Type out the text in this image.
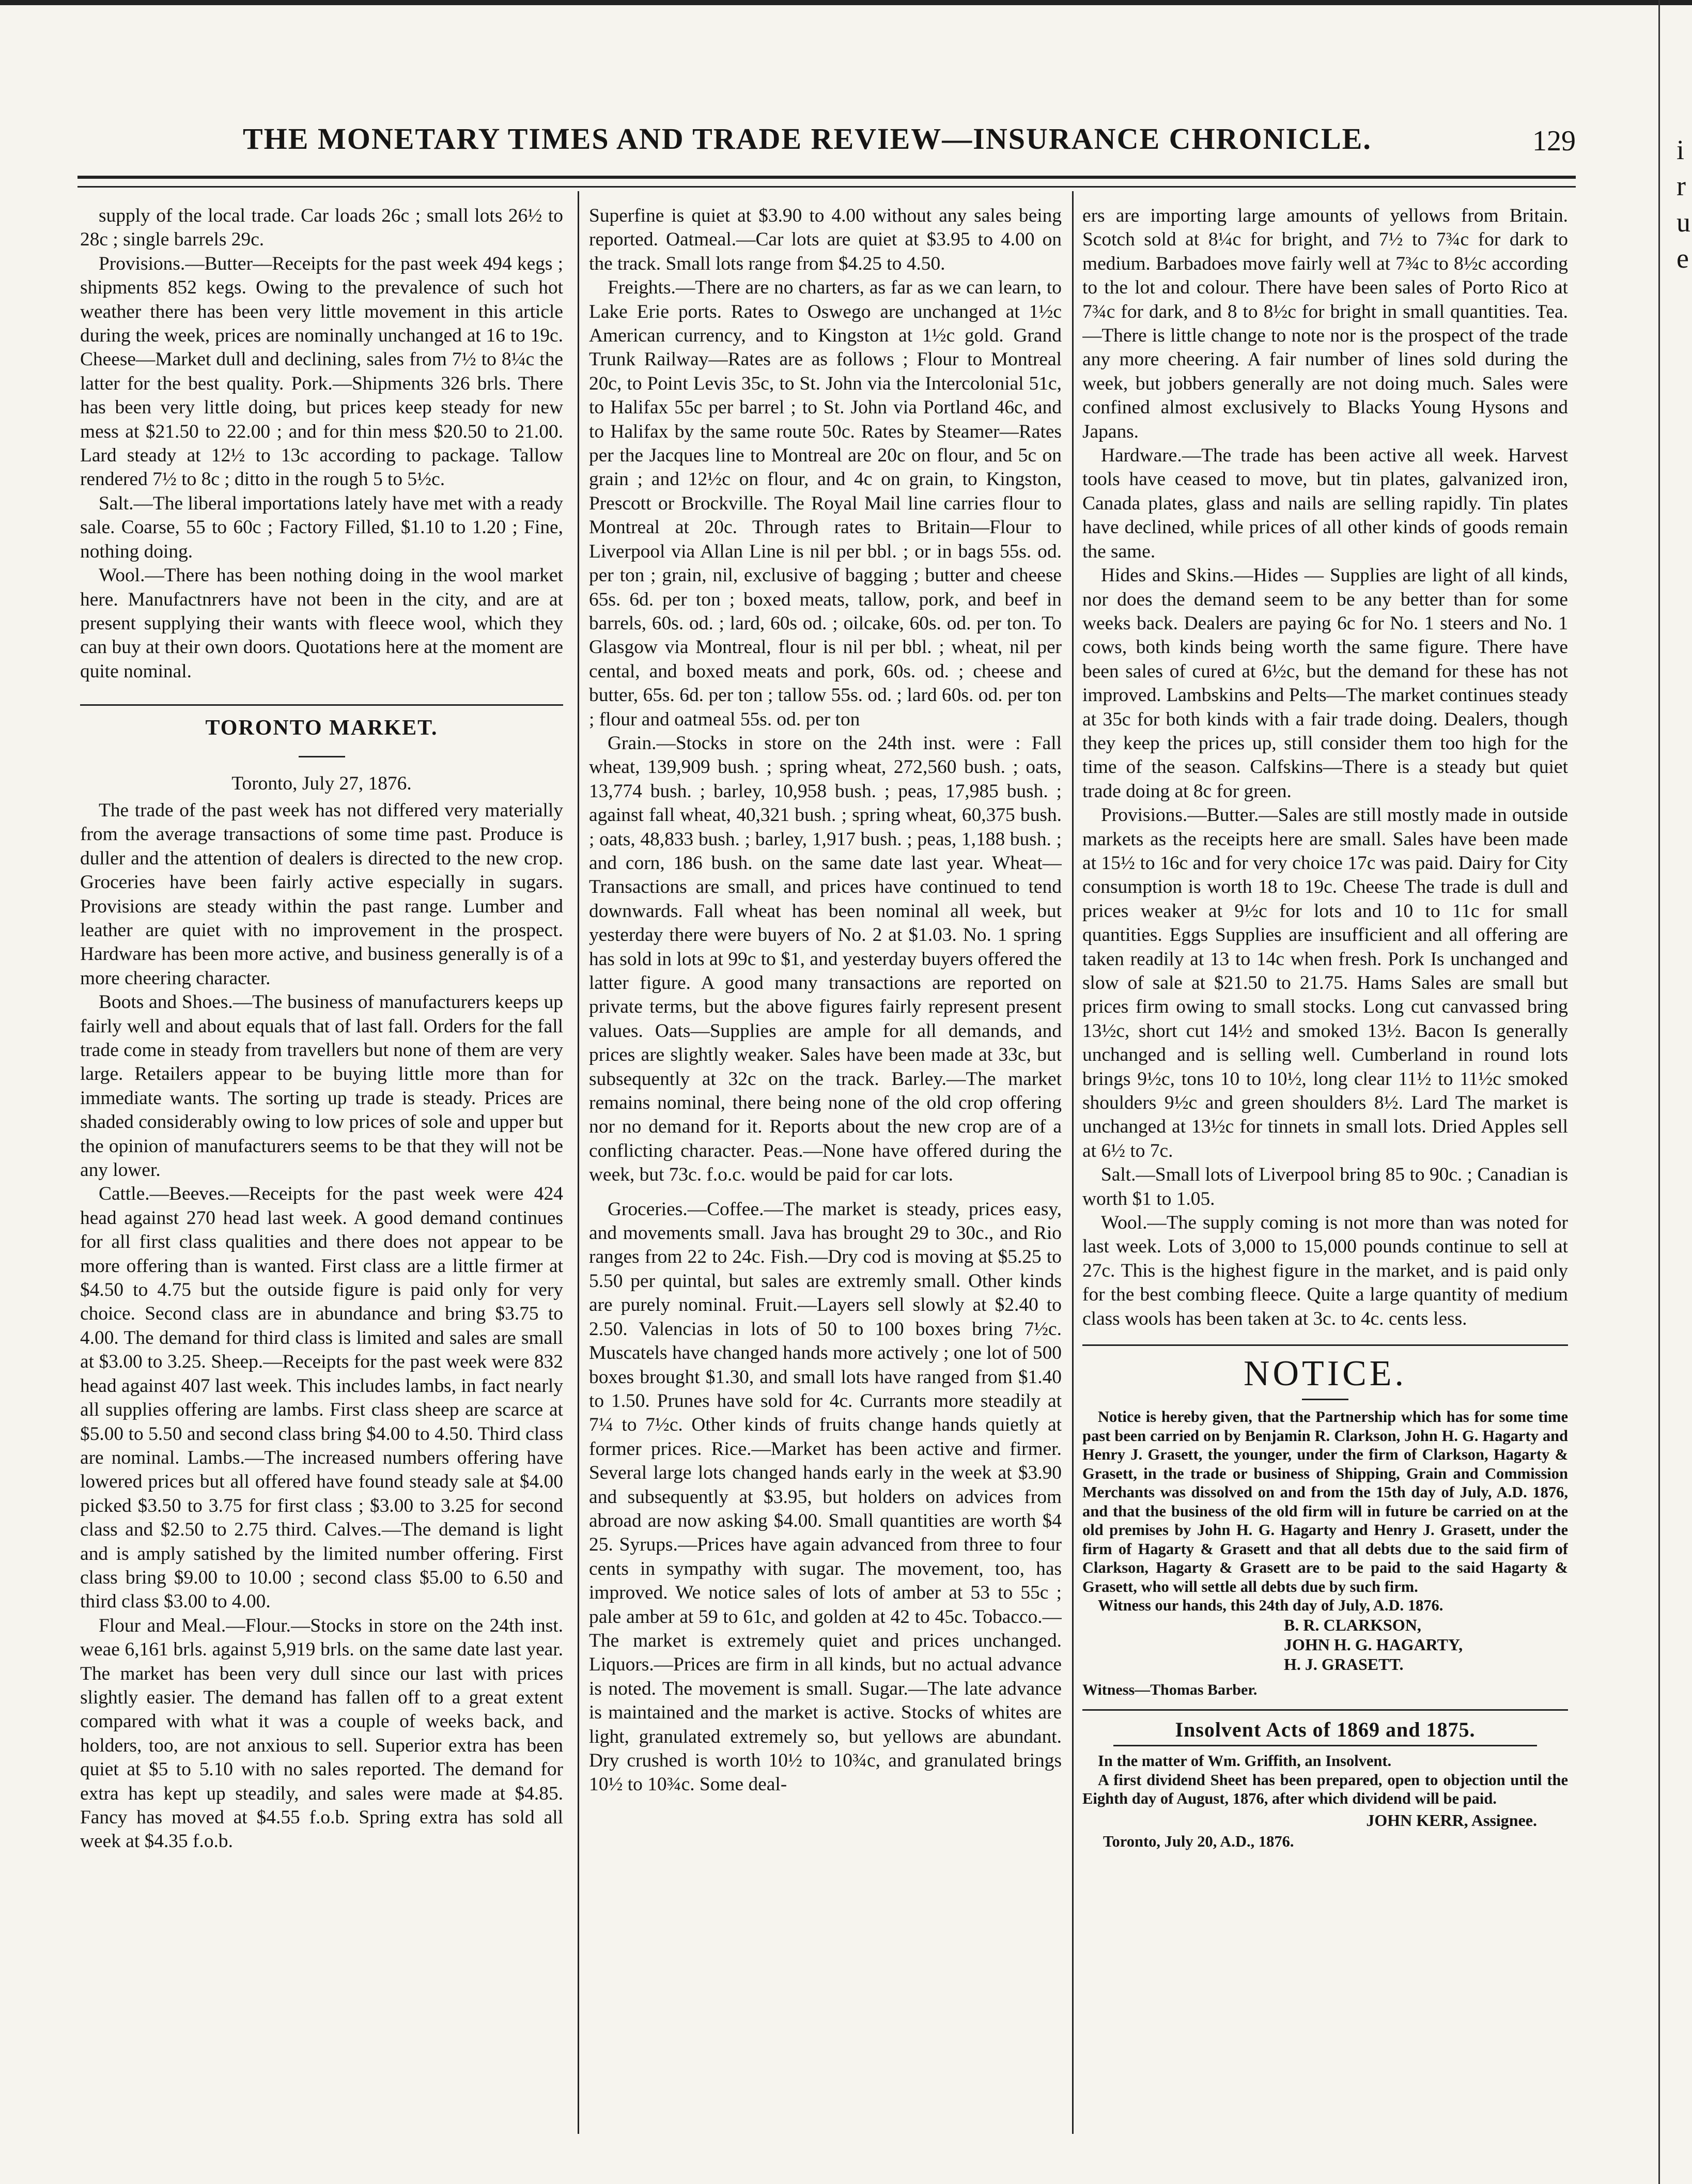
THE MONETARY TIMES AND TRADE REVIEW—INSURANCE CHRONICLE.	129	i
r
u
e

supply of the local trade. Car loads 26c ; small lots 26½ to 28c ; single barrels 29c.

Provisions.—Butter—Receipts for the past week 494 kegs ; shipments 852 kegs. Owing to the prevalence of such hot weather there has been very little movement in this article during the week, prices are nominally unchanged at 16 to 19c. Cheese—Market dull and declining, sales from 7½ to 8¼c the latter for the best quality. Pork.—Shipments 326 brls. There has been very little doing, but prices keep steady for new mess at $21.50 to 22.00 ; and for thin mess $20.50 to 21.00. Lard steady at 12½ to 13c according to package. Tallow rendered 7½ to 8c ; ditto in the rough 5 to 5½c.

Salt.—The liberal importations lately have met with a ready sale. Coarse, 55 to 60c ; Factory Filled, $1.10 to 1.20 ; Fine, nothing doing.

Wool.—There has been nothing doing in the wool market here. Manufactnrers have not been in the city, and are at present supplying their wants with fleece wool, which they can buy at their own doors. Quotations here at the moment are quite nominal.

TORONTO MARKET.

Toronto, July 27, 1876.

The trade of the past week has not differed very materially from the average transactions of some time past. Produce is duller and the attention of dealers is directed to the new crop. Groceries have been fairly active especially in sugars. Provisions are steady within the past range. Lumber and leather are quiet with no improvement in the prospect. Hardware has been more active, and business generally is of a more cheering character.

Boots and Shoes.—The business of manufacturers keeps up fairly well and about equals that of last fall. Orders for the fall trade come in steady from travellers but none of them are very large. Retailers appear to be buying little more than for immediate wants. The sorting up trade is steady. Prices are shaded considerably owing to low prices of sole and upper but the opinion of manufacturers seems to be that they will not be any lower.

Cattle.—Beeves.—Receipts for the past week were 424 head against 270 head last week. A good demand continues for all first class qualities and there does not appear to be more offering than is wanted. First class are a little firmer at $4.50 to 4.75 but the outside figure is paid only for very choice. Second class are in abundance and bring $3.75 to 4.00. The demand for third class is limited and sales are small at $3.00 to 3.25. Sheep.—Receipts for the past week were 832 head against 407 last week. This includes lambs, in fact nearly all supplies offering are lambs. First class sheep are scarce at $5.00 to 5.50 and second class bring $4.00 to 4.50. Third class are nominal. Lambs.—The increased numbers offering have lowered prices but all offered have found steady sale at $4.00 picked $3.50 to 3.75 for first class ; $3.00 to 3.25 for second class and $2.50 to 2.75 third. Calves.—The demand is light and is amply satished by the limited number offering. First class bring $9.00 to 10.00 ; second class $5.00 to 6.50 and third class $3.00 to 4.00.

Flour and Meal.—Flour.—Stocks in store on the 24th inst. weae 6,161 brls. against 5,919 brls. on the same date last year. The market has been very dull since our last with prices slightly easier. The demand has fallen off to a great extent compared with what it was a couple of weeks back, and holders, too, are not anxious to sell. Superior extra has been quiet at $5 to 5.10 with no sales reported. The demand for extra has kept up steadily, and sales were made at $4.85. Fancy has moved at $4.55 f.o.b. Spring extra has sold all week at $4.35 f.o.b.

Superfine is quiet at $3.90 to 4.00 without any sales being reported. Oatmeal.—Car lots are quiet at $3.95 to 4.00 on the track. Small lots range from $4.25 to 4.50.

Freights.—There are no charters, as far as we can learn, to Lake Erie ports. Rates to Oswego are unchanged at 1½c American currency, and to Kingston at 1½c gold. Grand Trunk Railway—Rates are as follows ; Flour to Montreal 20c, to Point Levis 35c, to St. John via the Intercolonial 51c, to Halifax 55c per barrel ; to St. John via Portland 46c, and to Halifax by the same route 50c. Rates by Steamer—Rates per the Jacques line to Montreal are 20c on flour, and 5c on grain ; and 12½c on flour, and 4c on grain, to Kingston, Prescott or Brockville. The Royal Mail line carries flour to Montreal at 20c. Through rates to Britain—Flour to Liverpool via Allan Line is nil per bbl. ; or in bags 55s. od. per ton ; grain, nil, exclusive of bagging ; butter and cheese 65s. 6d. per ton ; boxed meats, tallow, pork, and beef in barrels, 60s. od. ; lard, 60s od. ; oilcake, 60s. od. per ton. To Glasgow via Montreal, flour is nil per bbl. ; wheat, nil per cental, and boxed meats and pork, 60s. od. ; cheese and butter, 65s. 6d. per ton ; tallow 55s. od. ; lard 60s. od. per ton ; flour and oatmeal 55s. od. per ton

Grain.—Stocks in store on the 24th inst. were : Fall wheat, 139,909 bush. ; spring wheat, 272,560 bush. ; oats, 13,774 bush. ; barley, 10,958 bush. ; peas, 17,985 bush. ; against fall wheat, 40,321 bush. ; spring wheat, 60,375 bush. ; oats, 48,833 bush. ; barley, 1,917 bush. ; peas, 1,188 bush. ; and corn, 186 bush. on the same date last year. Wheat—Transactions are small, and prices have continued to tend downwards. Fall wheat has been nominal all week, but yesterday there were buyers of No. 2 at $1.03. No. 1 spring has sold in lots at 99c to $1, and yesterday buyers offered the latter figure. A good many transactions are reported on private terms, but the above figures fairly represent present values. Oats—Supplies are ample for all demands, and prices are slightly weaker. Sales have been made at 33c, but subsequently at 32c on the track. Barley.—The market remains nominal, there being none of the old crop offering nor no demand for it. Reports about the new crop are of a conflicting character. Peas.—None have offered during the week, but 73c. f.o.c. would be paid for car lots.

Groceries.—Coffee.—The market is steady, prices easy, and movements small. Java has brought 29 to 30c., and Rio ranges from 22 to 24c. Fish.—Dry cod is moving at $5.25 to 5.50 per quintal, but sales are extremly small. Other kinds are purely nominal. Fruit.—Layers sell slowly at $2.40 to 2.50. Valencias in lots of 50 to 100 boxes bring 7½c. Muscatels have changed hands more actively ; one lot of 500 boxes brought $1.30, and small lots have ranged from $1.40 to 1.50. Prunes have sold for 4c. Currants more steadily at 7¼ to 7½c. Other kinds of fruits change hands quietly at former prices. Rice.—Market has been active and firmer. Several large lots changed hands early in the week at $3.90 and subsequently at $3.95, but holders on advices from abroad are now asking $4.00. Small quantities are worth $4 25. Syrups.—Prices have again advanced from three to four cents in sympathy with sugar. The movement, too, has improved. We notice sales of lots of amber at 53 to 55c ; pale amber at 59 to 61c, and golden at 42 to 45c. Tobacco.—The market is extremely quiet and prices unchanged. Liquors.—Prices are firm in all kinds, but no actual advance is noted. The movement is small. Sugar.—The late advance is maintained and the market is active. Stocks of whites are light, granulated extremely so, but yellows are abundant. Dry crushed is worth 10½ to 10¾c, and granulated brings 10½ to 10¾c. Some deal-

ers are importing large amounts of yellows from Britain. Scotch sold at 8¼c for bright, and 7½ to 7¾c for dark to medium. Barbadoes move fairly well at 7¾c to 8½c according to the lot and colour. There have been sales of Porto Rico at 7¾c for dark, and 8 to 8½c for bright in small quantities. Tea.—There is little change to note nor is the prospect of the trade any more cheering. A fair number of lines sold during the week, but jobbers generally are not doing much. Sales were confined almost exclusively to Blacks Young Hysons and Japans.

Hardware.—The trade has been active all week. Harvest tools have ceased to move, but tin plates, galvanized iron, Canada plates, glass and nails are selling rapidly. Tin plates have declined, while prices of all other kinds of goods remain the same.

Hides and Skins.—Hides — Supplies are light of all kinds, nor does the demand seem to be any better than for some weeks back. Dealers are paying 6c for No. 1 steers and No. 1 cows, both kinds being worth the same figure. There have been sales of cured at 6½c, but the demand for these has not improved. Lambskins and Pelts—The market continues steady at 35c for both kinds with a fair trade doing. Dealers, though they keep the prices up, still consider them too high for the time of the season. Calfskins—There is a steady but quiet trade doing at 8c for green.

Provisions.—Butter.—Sales are still mostly made in outside markets as the receipts here are small. Sales have been made at 15½ to 16c and for very choice 17c was paid. Dairy for City consumption is worth 18 to 19c. Cheese The trade is dull and prices weaker at 9½c for lots and 10 to 11c for small quantities. Eggs Supplies are insufficient and all offering are taken readily at 13 to 14c when fresh. Pork Is unchanged and slow of sale at $21.50 to 21.75. Hams Sales are small but prices firm owing to small stocks. Long cut canvassed bring 13½c, short cut 14½ and smoked 13½. Bacon Is generally unchanged and is selling well. Cumberland in round lots brings 9½c, tons 10 to 10½, long clear 11½ to 11½c smoked shoulders 9½c and green shoulders 8½. Lard The market is unchanged at 13½c for tinnets in small lots. Dried Apples sell at 6½ to 7c.

Salt.—Small lots of Liverpool bring 85 to 90c. ; Canadian is worth $1 to 1.05.

Wool.—The supply coming is not more than was noted for last week. Lots of 3,000 to 15,000 pounds continue to sell at 27c. This is the highest figure in the market, and is paid only for the best combing fleece. Quite a large quantity of medium class wools has been taken at 3c. to 4c. cents less.

NOTICE.

Notice is hereby given, that the Partnership which has for some time past been carried on by Benjamin R. Clarkson, John H. G. Hagarty and Henry J. Grasett, the younger, under the firm of Clarkson, Hagarty & Grasett, in the trade or business of Shipping, Grain and Commission Merchants was dissolved on and from the 15th day of July, A.D. 1876, and that the business of the old firm will in future be carried on at the old premises by John H. G. Hagarty and Henry J. Grasett, under the firm of Hagarty & Grasett and that all debts due to the said firm of Clarkson, Hagarty & Grasett are to be paid to the said Hagarty & Grasett, who will settle all debts due by such firm.

Witness our hands, this 24th day of July, A.D. 1876.

B. R. CLARKSON,
JOHN H. G. HAGARTY,
H. J. GRASETT.
Witness—Thomas Barber.
Insolvent Acts of 1869 and 1875.

In the matter of Wm. Griffith, an Insolvent.

A first dividend Sheet has been prepared, open to objection until the Eighth day of August, 1876, after which dividend will be paid.

JOHN KERR, Assignee.
Toronto, July 20, A.D., 1876.
